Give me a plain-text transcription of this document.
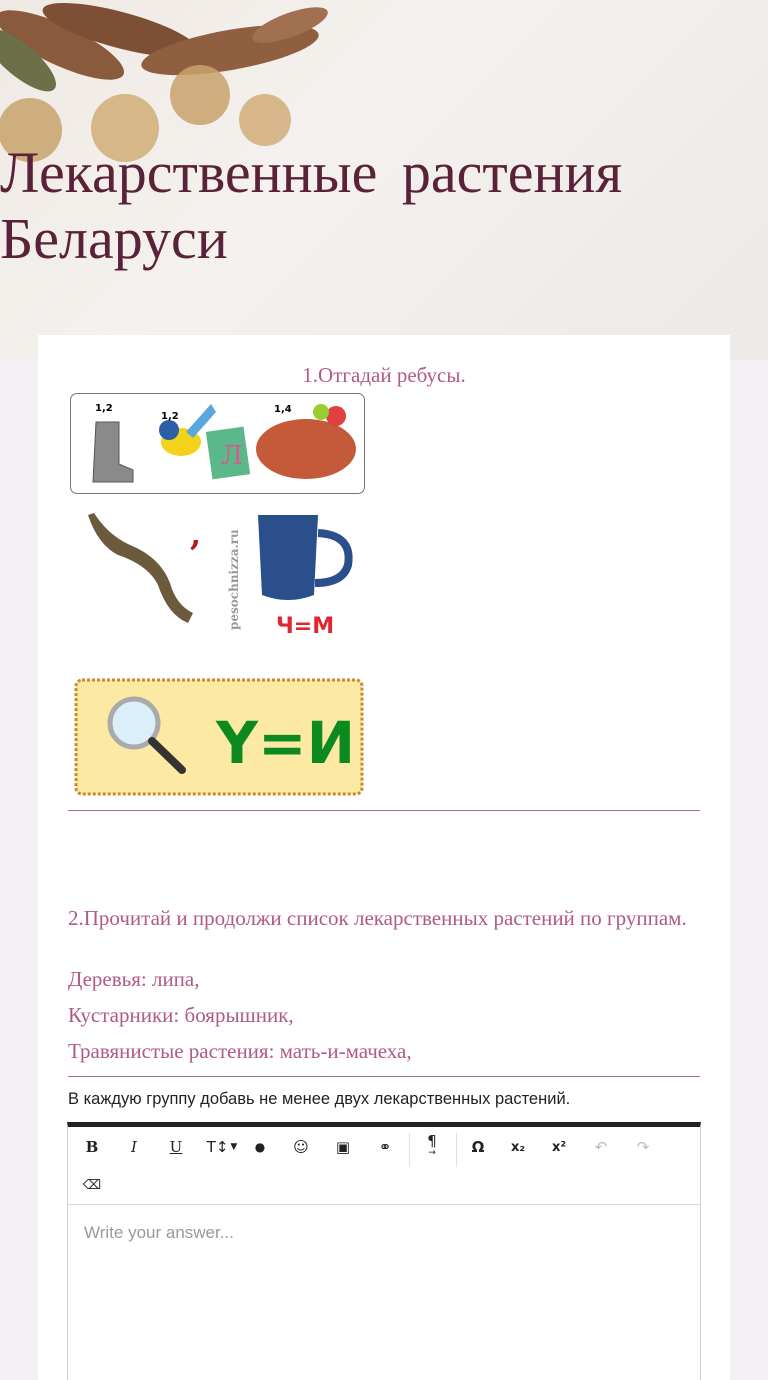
Лекарственные растения Беларуси
1.Отгадай ребусы.
1,2
1,2
Л
1,4
, pesochnizza.ru Ч=М
Ү=И
2.Прочитай и продолжи список лекарственных растений по группам.
Деревья: липа,
Кустарники: боярышник,
Травянистые растения: мать-и-мачеха,
В каждую группу добавь не менее двух лекарственных растений.
B	I	U	T↕ ▼	●	☺	▣	⚭	¶
→	Ω	x₂	x²	↶	↷
⌫
Write your answer...
